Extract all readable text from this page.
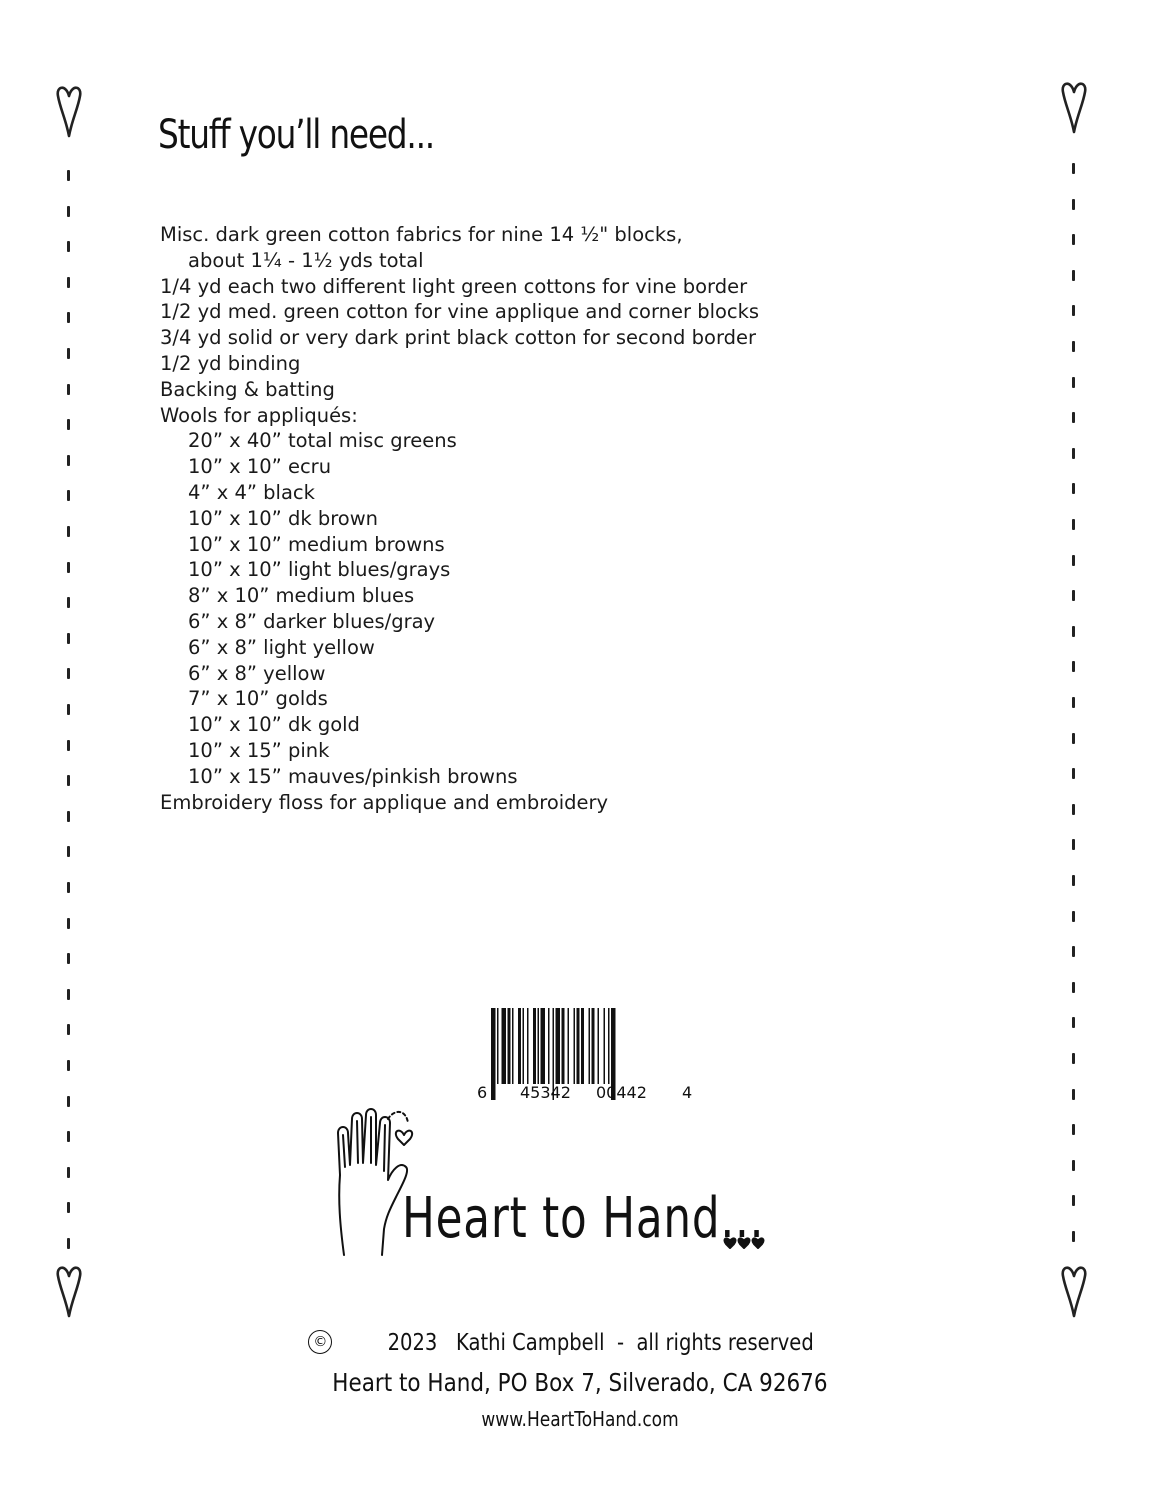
Stuff you’ll need...
Misc. dark green cotton fabrics for nine 14 ½" blocks,
about 1¼ - 1½ yds total
1/4 yd each two different light green cottons for vine border
1/2 yd med. green cotton for vine applique and corner blocks
3/4 yd solid or very dark print black cotton for second border
1/2 yd binding
Backing & batting
Wools for appliqués:
20” x 40” total misc greens
10” x 10” ecru
4” x 4” black
10” x 10” dk brown
10” x 10” medium browns
10” x 10” light blues/grays
8” x 10” medium blues
6” x 8” darker blues/gray
6” x 8” light yellow
6” x 8” yellow
7” x 10” golds
10” x 10” dk gold
10” x 15” pink
10” x 15” mauves/pinkish browns
Embroidery floss for applique and embroidery
6 45342 00442 4
Heart to Hand...
©	2023   Kathi Campbell  -  all rights reserved
Heart to Hand, PO Box 7, Silverado, CA 92676
www.HeartToHand.com
